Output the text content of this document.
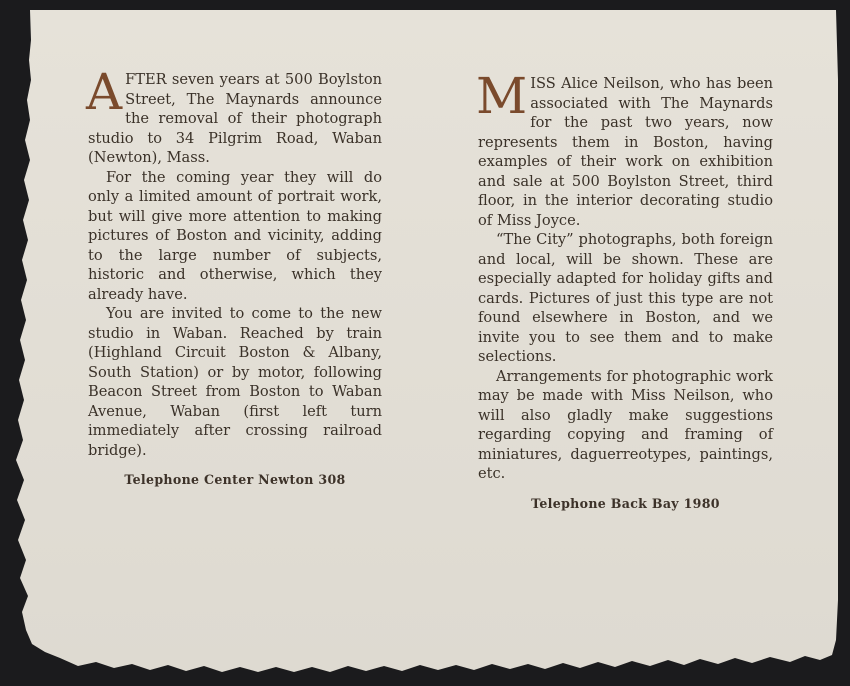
AFTER seven years at 500 Boylston Street, The Maynards announce the removal of their photograph studio to 34 Pilgrim Road, Waban (Newton), Mass.

For the coming year they will do only a limited amount of portrait work, but will give more attention to making pictures of Boston and vicinity, adding to the large number of subjects, historic and otherwise, which they already have.

You are invited to come to the new studio in Waban. Reached by train (Highland Circuit Boston & Albany, South Station) or by motor, following Beacon Street from Boston to Waban Avenue, Waban (first left turn immediately after crossing railroad bridge).

Telephone Center Newton 308

MISS Alice Neilson, who has been associated with The Maynards for the past two years, now represents them in Boston, having examples of their work on exhibition and sale at 500 Boylston Street, third floor, in the interior decorating studio of Miss Joyce.

“The City” photographs, both foreign and local, will be shown. These are especially adapted for holiday gifts and cards. Pictures of just this type are not found elsewhere in Boston, and we invite you to see them and to make selections.

Arrangements for photographic work may be made with Miss Neilson, who will also gladly make suggestions regarding copying and framing of miniatures, daguerreotypes, paintings, etc.

Telephone Back Bay 1980
